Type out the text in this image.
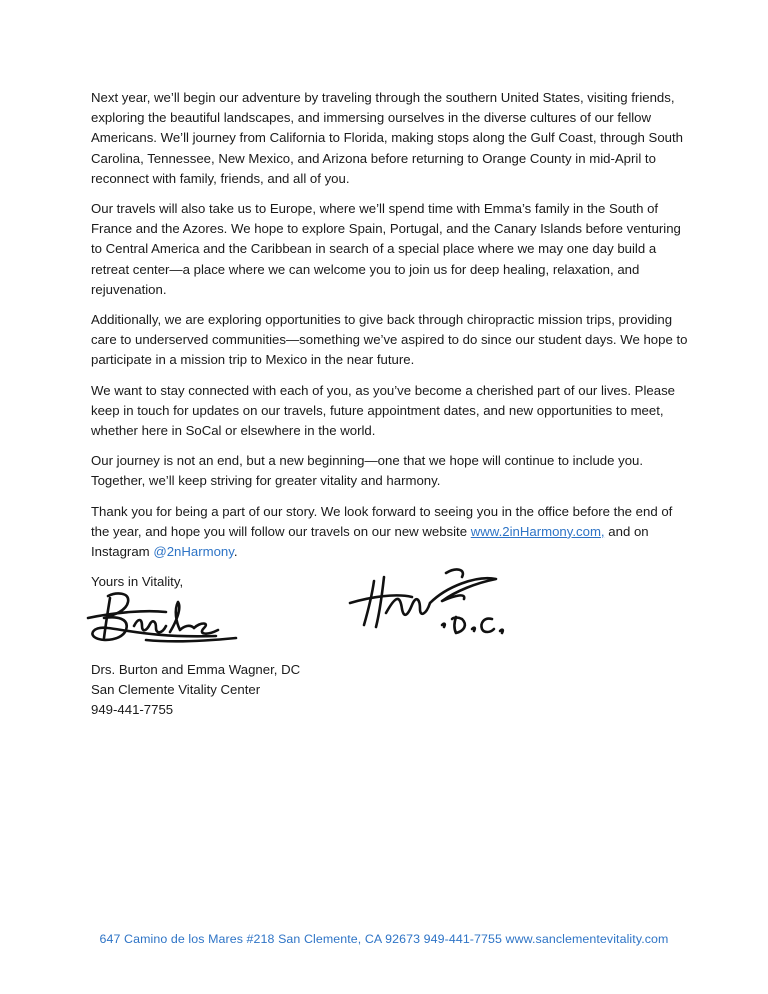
Next year, we’ll begin our adventure by traveling through the southern United States, visiting friends, exploring the beautiful landscapes, and immersing ourselves in the diverse cultures of our fellow Americans. We’ll journey from California to Florida, making stops along the Gulf Coast, through South Carolina, Tennessee, New Mexico, and Arizona before returning to Orange County in mid-April to reconnect with family, friends, and all of you.

Our travels will also take us to Europe, where we’ll spend time with Emma’s family in the South of France and the Azores. We hope to explore Spain, Portugal, and the Canary Islands before venturing to Central America and the Caribbean in search of a special place where we may one day build a retreat center—a place where we can welcome you to join us for deep healing, relaxation, and rejuvenation.

Additionally, we are exploring opportunities to give back through chiropractic mission trips, providing care to underserved communities—something we’ve aspired to do since our student days. We hope to participate in a mission trip to Mexico in the near future.

We want to stay connected with each of you, as you’ve become a cherished part of our lives. Please keep in touch for updates on our travels, future appointment dates, and new opportunities to meet, whether here in SoCal or elsewhere in the world.

Our journey is not an end, but a new beginning—one that we hope will continue to include you. Together, we’ll keep striving for greater vitality and harmony.

Thank you for being a part of our story. We look forward to seeing you in the office before the end of the year, and hope you will follow our travels on our new website www.2inHarmony.com, and on Instagram @2nHarmony.

Yours in Vitality,

Drs. Burton and Emma Wagner, DC
San Clemente Vitality Center
949-441-7755
647 Camino de los Mares #218 San Clemente, CA 92673 949-441-7755 www.sanclementevitality.com
